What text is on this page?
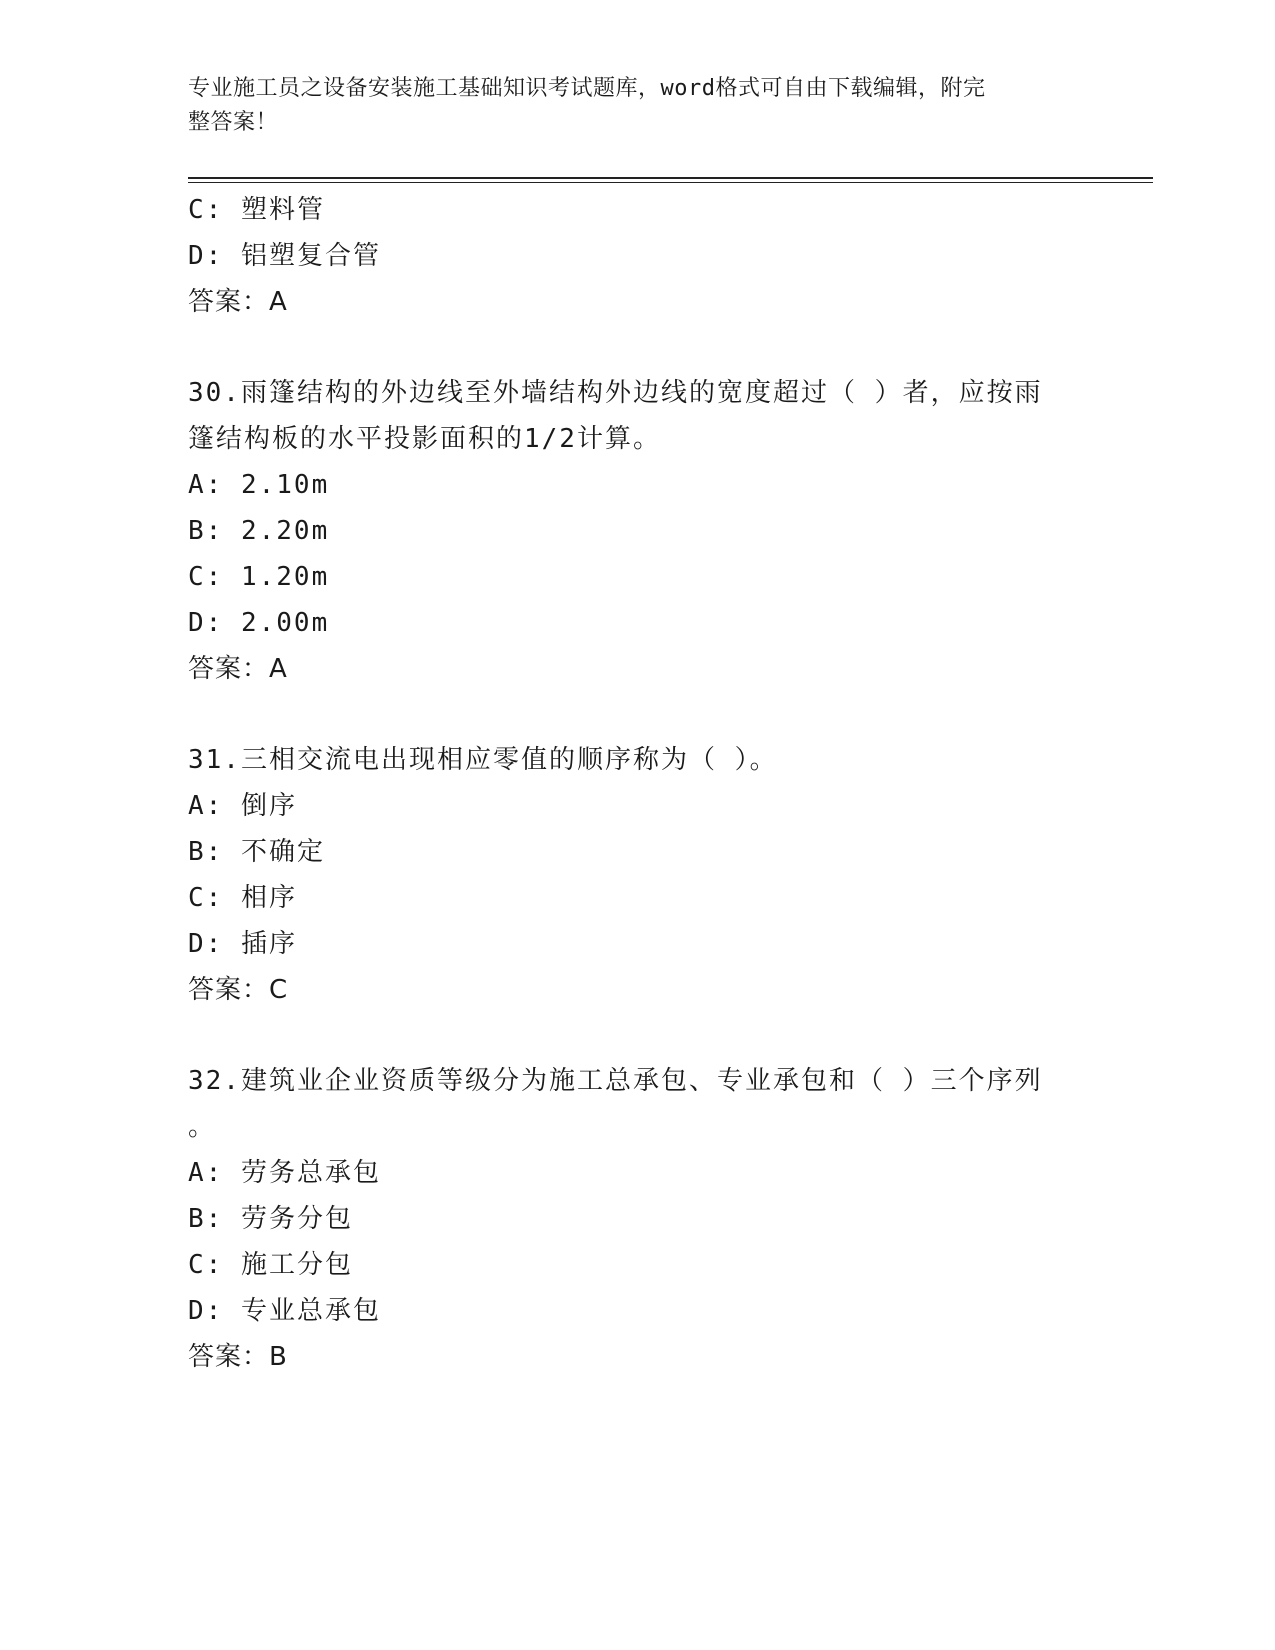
专业施工员之设备安装施工基础知识考试题库，word格式可自由下载编辑，附完
整答案！
C: 塑料管
D: 铝塑复合管
答案：A
30.雨篷结构的外边线至外墙结构外边线的宽度超过（ ）者，应按雨
篷结构板的水平投影面积的1/2计算。
A: 2.10m
B: 2.20m
C: 1.20m
D: 2.00m
答案：A
31.三相交流电出现相应零值的顺序称为（ ）。
A: 倒序
B: 不确定
C: 相序
D: 插序
答案：C
32.建筑业企业资质等级分为施工总承包、专业承包和（ ）三个序列
。
A: 劳务总承包
B: 劳务分包
C: 施工分包
D: 专业总承包
答案：B
